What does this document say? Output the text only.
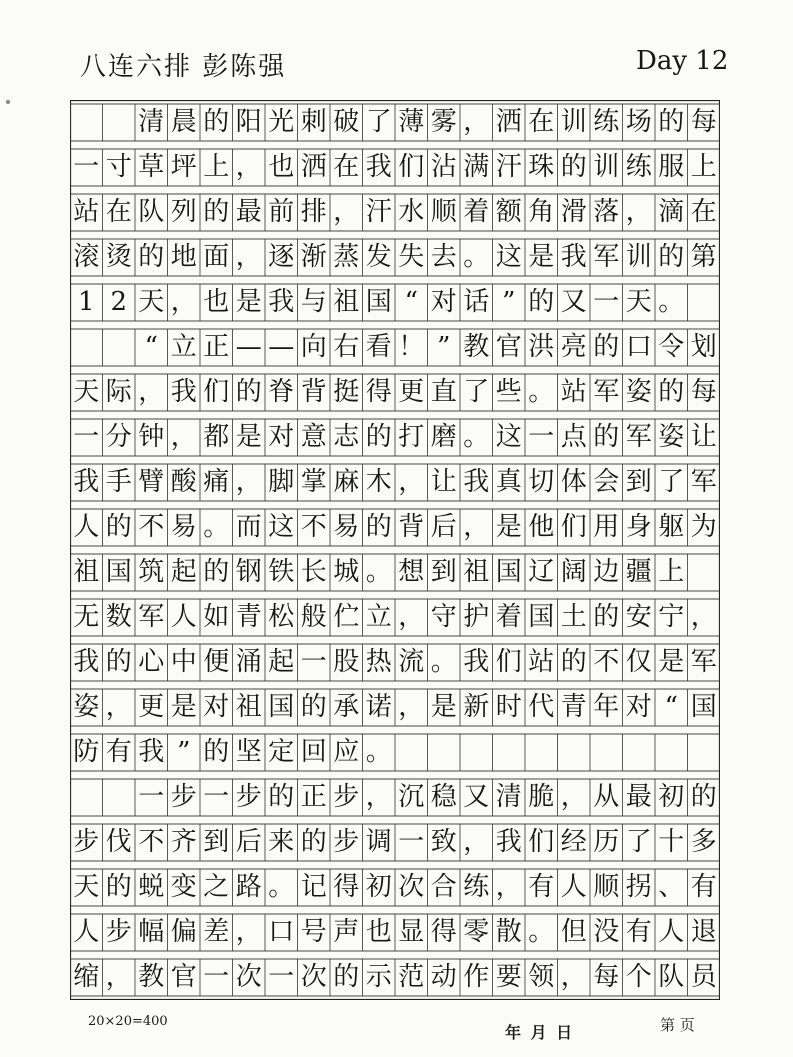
八连六排 彭陈强	Day 12
清 晨 的 阳 光 刺 破 了 薄 雾 ， 洒 在 训 练 场 的 每
一 寸 草 坪 上 ， 也 洒 在 我 们 沾 满 汗 珠 的 训 练 服 上
站 在 队 列 的 最 前 排 ， 汗 水 顺 着 额 角 滑 落 ， 滴 在
滚 烫 的 地 面 ， 逐 渐 蒸 发 失 去 。 这 是 我 军 训 的 第
1 2 天 ， 也 是 我 与 祖 国 “ 对 话 ” 的 又 一 天 。
“ 立 正 — — 向 右 看 ！ ” 教 官 洪 亮 的 口 令 划
天 际 ， 我 们 的 脊 背 挺 得 更 直 了 些 。 站 军 姿 的 每
一 分 钟 ， 都 是 对 意 志 的 打 磨 。 这 一 点 的 军 姿 让
我 手 臂 酸 痛 ， 脚 掌 麻 木 ， 让 我 真 切 体 会 到 了 军
人 的 不 易 。 而 这 不 易 的 背 后 ， 是 他 们 用 身 躯 为
祖 国 筑 起 的 钢 铁 长 城 。 想 到 祖 国 辽 阔 边 疆 上
无 数 军 人 如 青 松 般 伫 立 ， 守 护 着 国 土 的 安 宁 ，
我 的 心 中 便 涌 起 一 股 热 流 。 我 们 站 的 不 仅 是 军
姿 ， 更 是 对 祖 国 的 承 诺 ， 是 新 时 代 青 年 对 “ 国
防 有 我 ” 的 坚 定 回 应 。
一 步 一 步 的 正 步 ， 沉 稳 又 清 脆 ， 从 最 初 的
步 伐 不 齐 到 后 来 的 步 调 一 致 ， 我 们 经 历 了 十 多
天 的 蜕 变 之 路 。 记 得 初 次 合 练 ， 有 人 顺 拐 、 有
人 步 幅 偏 差 ， 口 号 声 也 显 得 零 散 。 但 没 有 人 退
缩 ， 教 官 一 次 一 次 的 示 范 动 作 要 领 ， 每 个 队 员
20×20=400
年 月 日	第 页
